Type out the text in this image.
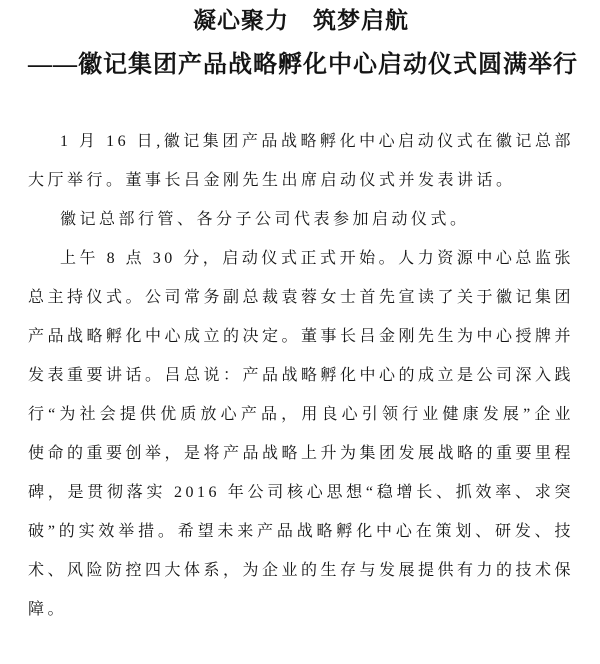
凝心聚力　筑梦启航
——徽记集团产品战略孵化中心启动仪式圆满举行

1 月 16 日,徽记集团产品战略孵化中心启动仪式在徽记总部大厅举行。董事长吕金刚先生出席启动仪式并发表讲话。

徽记总部行管、各分子公司代表参加启动仪式。

上午 8 点 30 分，启动仪式正式开始。人力资源中心总监张总主持仪式。公司常务副总裁袁蓉女士首先宣读了关于徽记集团产品战略孵化中心成立的决定。董事长吕金刚先生为中心授牌并发表重要讲话。吕总说：产品战略孵化中心的成立是公司深入践行“为社会提供优质放心产品，用良心引领行业健康发展”企业使命的重要创举，是将产品战略上升为集团发展战略的重要里程碑，是贯彻落实 2016 年公司核心思想“稳增长、抓效率、求突破”的实效举措。希望未来产品战略孵化中心在策划、研发、技术、风险防控四大体系，为企业的生存与发展提供有力的技术保障。
